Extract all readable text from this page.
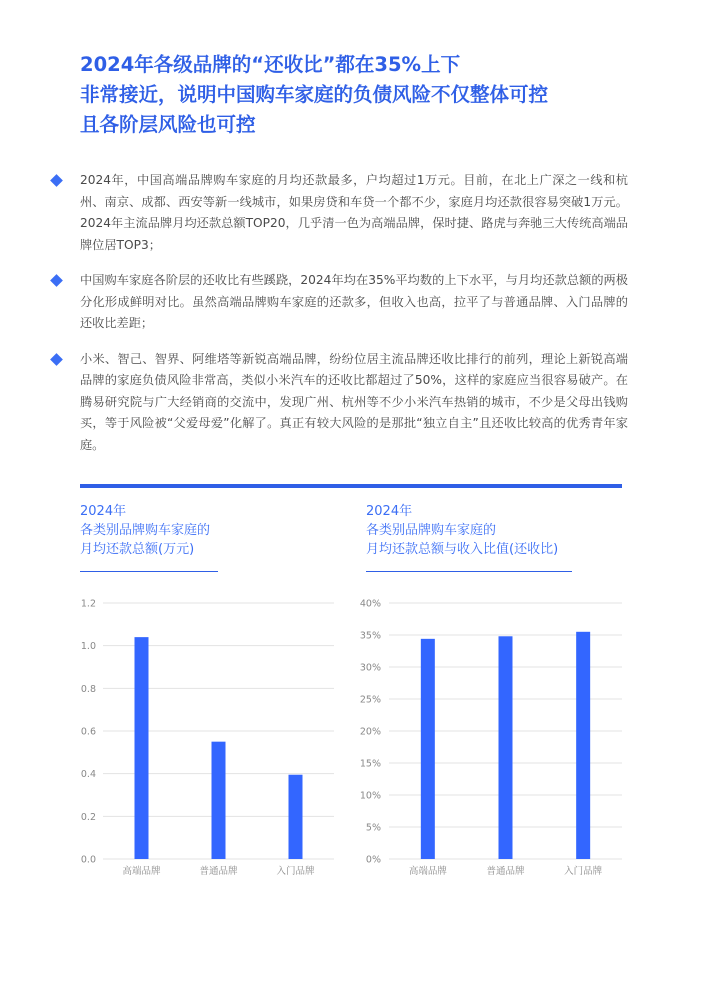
2024年各级品牌的“还收比”都在35%上下
非常接近，说明中国购车家庭的负债风险不仅整体可控
且各阶层风险也可控
2024年，中国高端品牌购车家庭的月均还款最多，户均超过1万元。目前，在北上广深之一线和杭州、南京、成都、西安等新一线城市，如果房贷和车贷一个都不少，家庭月均还款很容易突破1万元。2024年主流品牌月均还款总额TOP20，几乎清一色为高端品牌，保时捷、路虎与奔驰三大传统高端品牌位居TOP3；
中国购车家庭各阶层的还收比有些蹊跷，2024年均在35%平均数的上下水平，与月均还款总额的两极分化形成鲜明对比。虽然高端品牌购车家庭的还款多，但收入也高，拉平了与普通品牌、入门品牌的还收比差距；
小米、智己、智界、阿维塔等新锐高端品牌，纷纷位居主流品牌还收比排行的前列，理论上新锐高端品牌的家庭负债风险非常高，类似小米汽车的还收比都超过了50%，这样的家庭应当很容易破产。在腾易研究院与广大经销商的交流中，发现广州、杭州等不少小米汽车热销的城市，不少是父母出钱购买，等于风险被“父爱母爱”化解了。真正有较大风险的是那批“独立自主”且还收比较高的优秀青年家庭。
2024年
各类别品牌购车家庭的
月均还款总额(万元)
2024年
各类别品牌购车家庭的
月均还款总额与收入比值(还收比)
0.0
0.2
0.4
0.6
0.8
1.0
1.2
高端品牌	普通品牌	入门品牌
0%
5%
10%
15%
20%
25%
30%
35%
40%
高端品牌	普通品牌	入门品牌
